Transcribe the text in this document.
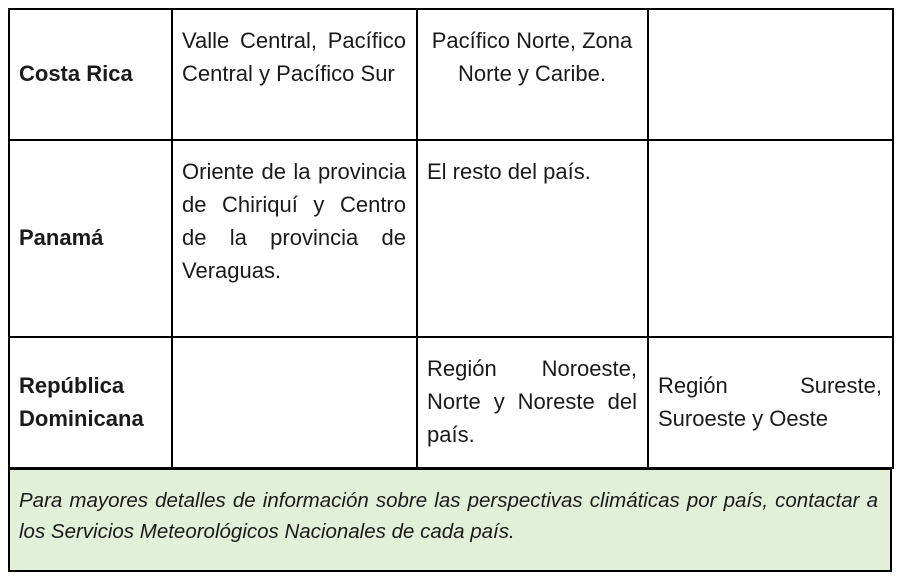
Costa Rica	Valle Central, Pacífico Central y Pacífico Sur	Pacífico Norte, Zona Norte y Caribe.	
Panamá	Oriente de la provincia de Chiriquí y Centro de la provincia de Veraguas.	El resto del país.	
República Dominicana		Región Noroeste, Norte y Noreste del país.	Región Sureste, Suroeste y Oeste
Para mayores detalles de información sobre las perspectivas climáticas por país, contactar a los Servicios Meteorológicos Nacionales de cada país.
